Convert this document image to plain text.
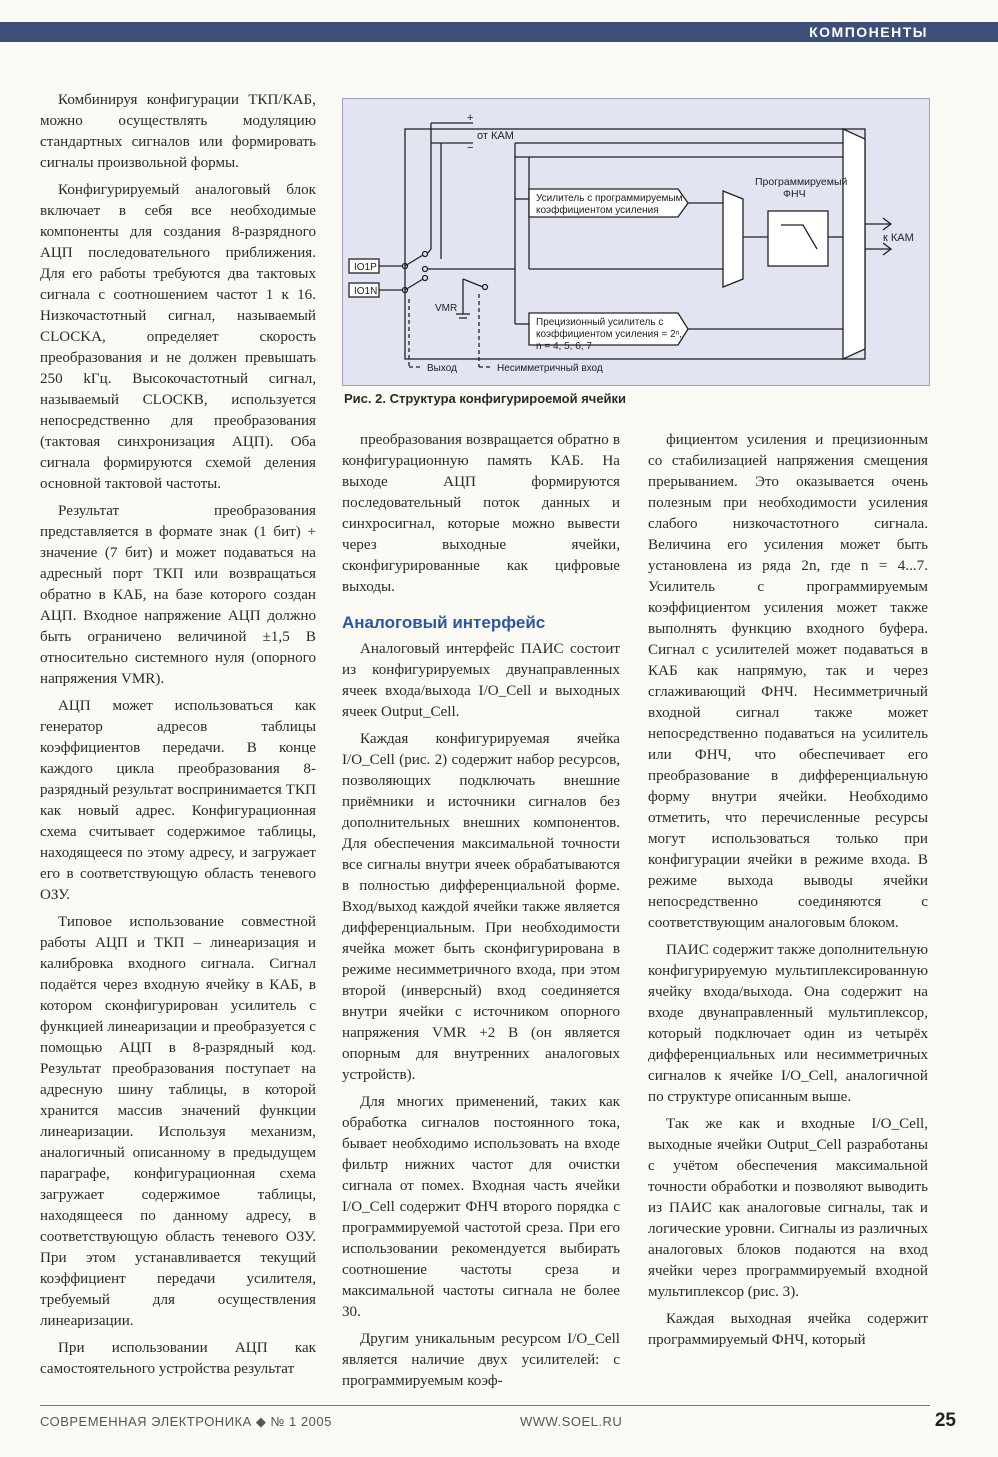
КОМПОНЕНТЫ

Комбинируя конфигурации ТКП/КАБ, можно осуществлять модуляцию стандартных сигналов или формировать сигналы произвольной формы.

Конфигурируемый аналоговый блок включает в себя все необходимые компоненты для создания 8-разрядного АЦП последовательного приближения. Для его работы требуются два тактовых сигнала с соотношением частот 1 к 16. Низкочастотный сигнал, называемый CLOCKA, определяет скорость преобразования и не должен превышать 250 kГц. Высокочастотный сигнал, называемый CLOCKB, используется непосредственно для преобразования (тактовая синхронизация АЦП). Оба сигнала формируются схемой деления основной тактовой частоты.

Результат преобразования представляется в формате знак (1 бит) + значение (7 бит) и может подаваться на адресный порт ТКП или возвращаться обратно в КАБ, на базе которого создан АЦП. Входное напряжение АЦП должно быть ограничено величиной ±1,5 В относительно системного нуля (опорного напряжения VMR).

АЦП может использоваться как генератор адресов таблицы коэффициентов передачи. В конце каждого цикла преобразования 8-разрядный результат воспринимается ТКП как новый адрес. Конфигурационная схема считывает содержимое таблицы, находящееся по этому адресу, и загружает его в соответствующую область теневого ОЗУ.

Типовое использование совместной работы АЦП и ТКП – линеаризация и калибровка входного сигнала. Сигнал подаётся через входную ячейку в КАБ, в котором сконфигурирован усилитель с функцией линеаризации и преобразуется с помощью АЦП в 8-разрядный код. Результат преобразования поступает на адресную шину таблицы, в которой хранится массив значений функции линеаризации. Используя механизм, аналогичный описанному в предыдущем параграфе, конфигурационная схема загружает содержимое таблицы, находящееся по данному адресу, в соответствующую область теневого ОЗУ. При этом устанавливается текущий коэффициент передачи усилителя, требуемый для осуществления линеаризации.

При использовании АЦП как самостоятельного устройства результат

от КАМ
+
−
Усилитель с программируемым
коэффициентом усиления
Программируемый
ФНЧ
Прецизионный усилитель с
коэффициентом усиления = 2ⁿ,
n = 4, 5, 6, 7
к КАМ
IO1P
IO1N
VMR
Выход	Несимметричный вход
Рис. 2. Структура конфигурироемой ячейки

преобразования возвращается обратно в конфигурационную память КАБ. На выходе АЦП формируются последовательный поток данных и синхросигнал, которые можно вывести через выходные ячейки, сконфигурированные как цифровые выходы.

Аналоговый интерфейс

Аналоговый интерфейс ПАИС состоит из конфигурируемых двунаправленных ячеек входа/выхода I/O_Cell и выходных ячеек Output_Cell.

Каждая конфигурируемая ячейка I/O_Cell (рис. 2) содержит набор ресурсов, позволяющих подключать внешние приёмники и источники сигналов без дополнительных внешних компонентов. Для обеспечения максимальной точности все сигналы внутри ячеек обрабатываются в полностью дифференциальной форме. Вход/выход каждой ячейки также является дифференциальным. При необходимости ячейка может быть сконфигурирована в режиме несимметричного входа, при этом второй (инверсный) вход соединяется внутри ячейки с источником опорного напряжения VMR +2 В (он является опорным для внутренних аналоговых устройств).

Для многих применений, таких как обработка сигналов постоянного тока, бывает необходимо использовать на входе фильтр нижних частот для очистки сигнала от помех. Входная часть ячейки I/O_Cell содержит ФНЧ второго порядка с программируемой частотой среза. При его использовании рекомендуется выбирать соотношение частоты среза и максимальной частоты сигнала не более 30.

Другим уникальным ресурсом I/O_Cell является наличие двух усилителей: с программируемым коэф-

фициентом усиления и прецизионным со стабилизацией напряжения смещения прерыванием. Это оказывается очень полезным при необходимости усиления слабого низкочастотного сигнала. Величина его усиления может быть установлена из ряда 2n, где n = 4...7. Усилитель с программируемым коэффициентом усиления может также выполнять функцию входного буфера. Сигнал с усилителей может подаваться в КАБ как напрямую, так и через сглаживающий ФНЧ. Несимметричный входной сигнал также может непосредственно подаваться на усилитель или ФНЧ, что обеспечивает его преобразование в дифференциальную форму внутри ячейки. Необходимо отметить, что перечисленные ресурсы могут использоваться только при конфигурации ячейки в режиме входа. В режиме выхода выводы ячейки непосредственно соединяются с соответствующим аналоговым блоком.

ПАИС содержит также дополнительную конфигурируемую мультиплексированную ячейку входа/выхода. Она содержит на входе двунаправленный мультиплексор, который подключает один из четырёх дифференциальных или несимметричных сигналов к ячейке I/O_Cell, аналогичной по структуре описанным выше.

Так же как и входные I/O_Cell, выходные ячейки Output_Cell разработаны с учётом обеспечения максимальной точности обработки и позволяют выводить из ПАИС как аналоговые сигналы, так и логические уровни. Сигналы из различных аналоговых блоков подаются на вход ячейки через программируемый входной мультиплексор (рис. 3).

Каждая выходная ячейка содержит программируемый ФНЧ, который

СОВРЕМЕННАЯ ЭЛЕКТРОНИКА ◆ № 1 2005	WWW.SOEL.RU	25
